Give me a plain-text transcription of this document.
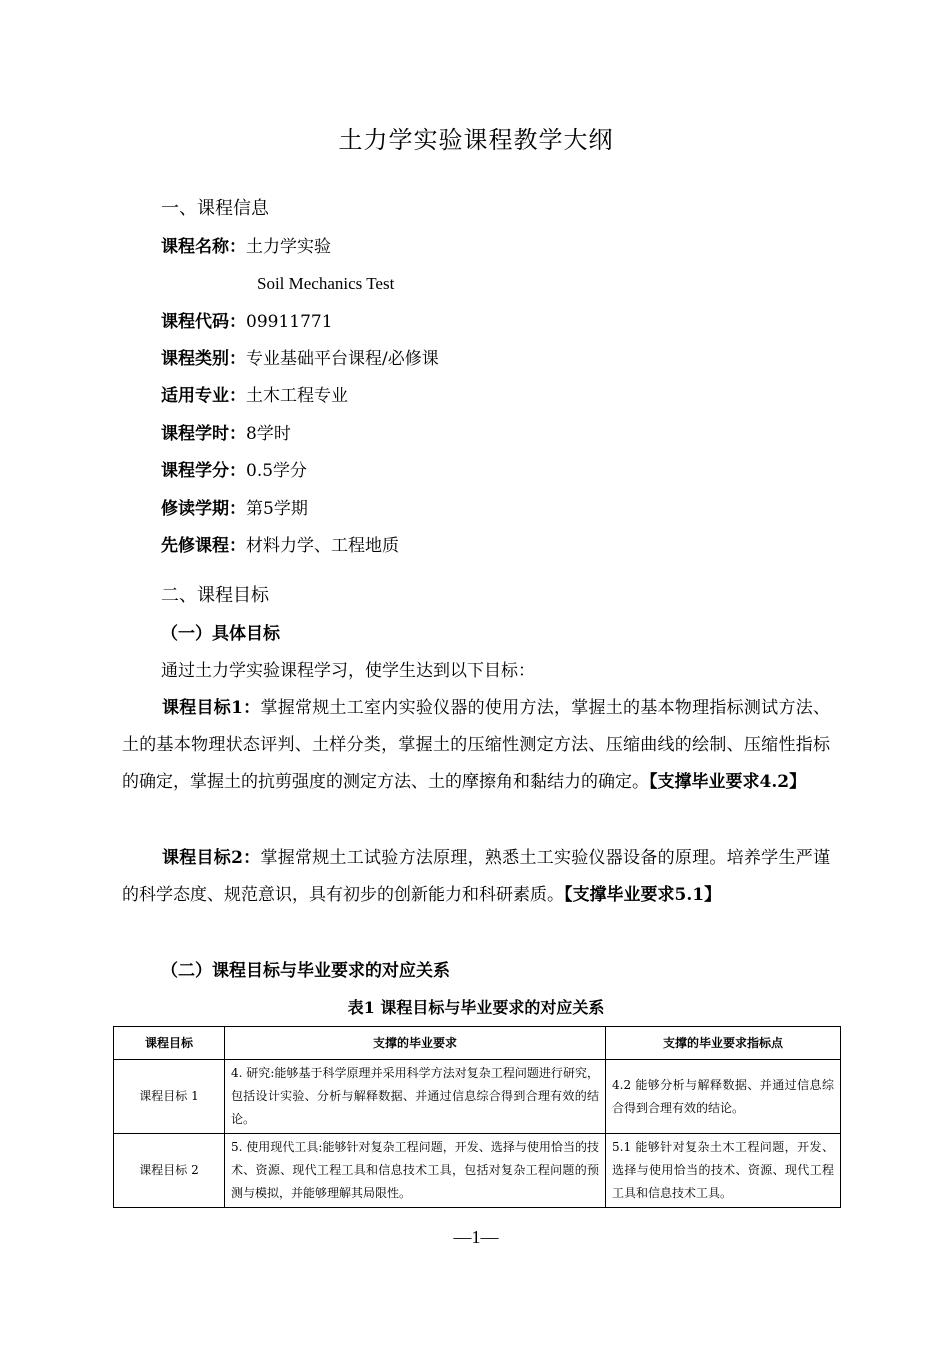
土力学实验课程教学大纲
一、课程信息
课程名称：土力学实验
Soil Mechanics Test
课程代码：09911771
课程类别：专业基础平台课程/必修课
适用专业：土木工程专业
课程学时：8学时
课程学分：0.5学分
修读学期：第5学期
先修课程：材料力学、工程地质
二、课程目标
（一）具体目标
通过土力学实验课程学习，使学生达到以下目标：

课程目标1：掌握常规土工室内实验仪器的使用方法，掌握土的基本物理指标测试方法、土的基本物理状态评判、土样分类，掌握土的压缩性测定方法、压缩曲线的绘制、压缩性指标的确定，掌握土的抗剪强度的测定方法、土的摩擦角和黏结力的确定。【支撑毕业要求4.2】

课程目标2：掌握常规土工试验方法原理，熟悉土工实验仪器设备的原理。培养学生严谨的科学态度、规范意识，具有初步的创新能力和科研素质。【支撑毕业要求5.1】

（二）课程目标与毕业要求的对应关系
表1 课程目标与毕业要求的对应关系
课程目标	支撑的毕业要求	支撑的毕业要求指标点
课程目标 1	4. 研究:能够基于科学原理并采用科学方法对复杂工程问题进行研究，包括设计实验、分析与解释数据、并通过信息综合得到合理有效的结论。	4.2 能够分析与解释数据、并通过信息综合得到合理有效的结论。
课程目标 2	5. 使用现代工具:能够针对复杂工程问题，开发、选择与使用恰当的技术、资源、现代工程工具和信息技术工具，包括对复杂工程问题的预测与模拟，并能够理解其局限性。	5.1 能够针对复杂土木工程问题，开发、选择与使用恰当的技术、资源、现代工程工具和信息技术工具。
—1—
